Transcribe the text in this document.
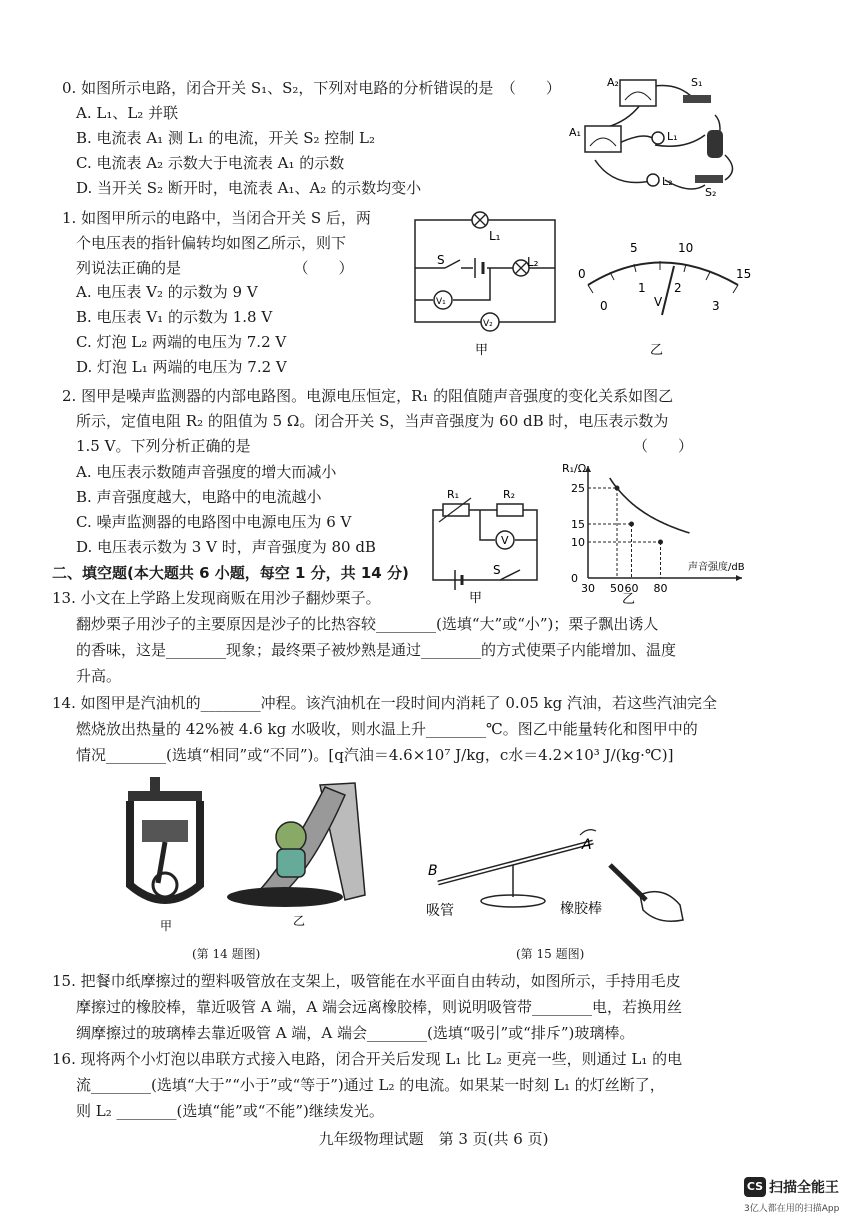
0. 如图所示电路，闭合开关 S₁、S₂，下列对电路的分析错误的是　（　　）
A. L₁、L₂ 并联
B. 电流表 A₁ 测 L₁ 的电流，开关 S₂ 控制 L₂
C. 电流表 A₂ 示数大于电流表 A₁ 的示数
D. 当开关 S₂ 断开时，电流表 A₁、A₂ 的示数均变小
A₂
A₁
S₁
S₂
L₁
L₂
1. 如图甲所示的电路中，当闭合开关 S 后，两
个电压表的指针偏转均如图乙所示，则下
列说法正确的是　　　　　　　　（　　）
A. 电压表 V₂ 的示数为 9 V
B. 电压表 V₁ 的示数为 1.8 V
C. 灯泡 L₂ 两端的电压为 7.2 V
D. 灯泡 L₁ 两端的电压为 7.2 V
L₁
L₂
S
V₁
V₂
甲
0
5	10
15
0
1 2
3
V
乙
2. 图甲是噪声监测器的内部电路图。电源电压恒定，R₁ 的阻值随声音强度的变化关系如图乙
所示，定值电阻 R₂ 的阻值为 5 Ω。闭合开关 S，当声音强度为 60 dB 时，电压表示数为
1.5 V。下列分析正确的是　　　　　　　　　　　　　　　　　　　　　　　　　　（　　）
A. 电压表示数随声音强度的增大而减小
B. 声音强度越大，电路中的电流越小
C. 噪声监测器的电路图中电源电压为 6 V
D. 电压表示数为 3 V 时，声音强度为 80 dB
R₁	R₂
V
S
甲
R₁/Ω
声音强度/dB
乙
30 50 60 80
0
10
15
25
二、填空题(本大题共 6 小题，每空 1 分，共 14 分)
13. 小文在上学路上发现商贩在用沙子翻炒栗子。
翻炒栗子用沙子的主要原因是沙子的比热容较________(选填“大”或“小”)；栗子飘出诱人
的香味，这是________现象；最终栗子被炒熟是通过________的方式使栗子内能增加、温度
升高。
14. 如图甲是汽油机的________冲程。该汽油机在一段时间内消耗了 0.05 kg 汽油，若这些汽油完全
燃烧放出热量的 42%被 4.6 kg 水吸收，则水温上升________℃。图乙中能量转化和图甲中的
情况________(选填“相同”或“不同”)。[q汽油＝4.6×10⁷ J/kg，c水＝4.2×10³ J/(kg·℃)]
甲	乙
(第 14 题图)
B
A
吸管	橡胶棒
(第 15 题图)
15. 把餐巾纸摩擦过的塑料吸管放在支架上，吸管能在水平面自由转动，如图所示，手持用毛皮
摩擦过的橡胶棒，靠近吸管 A 端，A 端会远离橡胶棒，则说明吸管带________电，若换用丝
绸摩擦过的玻璃棒去靠近吸管 A 端，A 端会________(选填“吸引”或“排斥”)玻璃棒。
16. 现将两个小灯泡以串联方式接入电路，闭合开关后发现 L₁ 比 L₂ 更亮一些，则通过 L₁ 的电
流________(选填“大于”“小于”或“等于”)通过 L₂ 的电流。如果某一时刻 L₁ 的灯丝断了，
则 L₂ ________(选填“能”或“不能”)继续发光。
九年级物理试题　第 3 页(共 6 页)
CS 扫描全能王
3亿人都在用的扫描App
